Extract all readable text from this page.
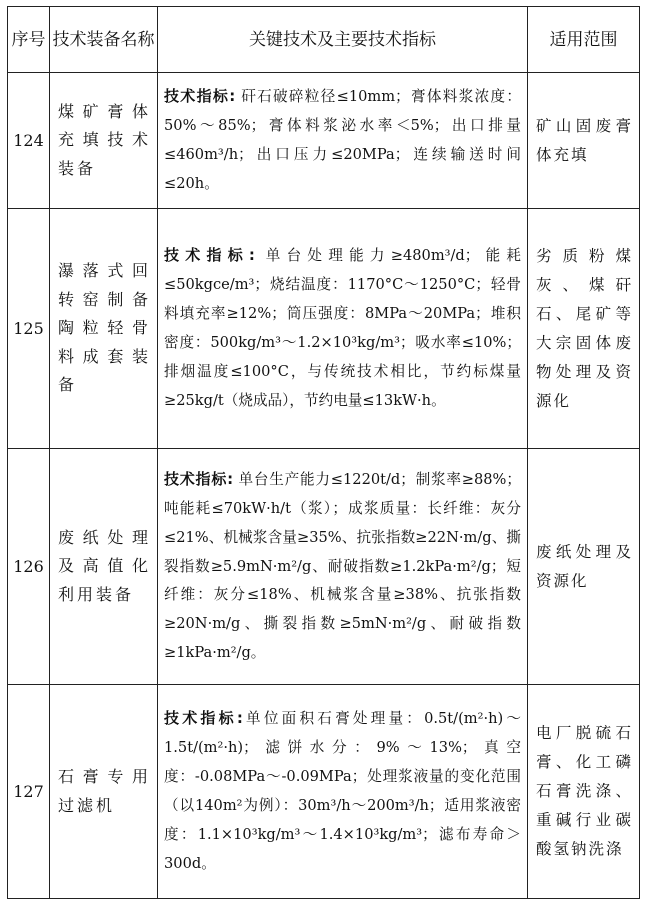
序号	技术装备名称	关键技术及主要技术指标	适用范围
124	煤矿膏体充填技术装备	技术指标: 矸石破碎粒径≤10mm；膏体料浆浓度：50%～85%；膏体料浆泌水率＜5%；出口排量≤460m³/h；出口压力≤20MPa；连续输送时间≤20h。	矿山固废膏体充填
125	瀑落式回转窑制备陶粒轻骨料成套装备	技术指标: 单台处理能力≥480m³/d；能耗≤50kgce/m³；烧结温度：1170°C～1250°C；轻骨料填充率≥12%；筒压强度：8MPa～20MPa；堆积密度：500kg/m³～1.2×10³kg/m³；吸水率≤10%；排烟温度≤100°C，与传统技术相比，节约标煤量≥25kg/t（烧成品），节约电量≤13kW·h。	劣质粉煤灰、煤矸石、尾矿等大宗固体废物处理及资源化
126	废纸处理及高值化利用装备	技术指标: 单台生产能力≤1220t/d；制浆率≥88%；吨能耗≤70kW·h/t（浆）；成浆质量：长纤维：灰分≤21%、机械浆含量≥35%、抗张指数≥22N·m/g、撕裂指数≥5.9mN·m²/g、耐破指数≥1.2kPa·m²/g；短纤维：灰分≤18%、机械浆含量≥38%、抗张指数≥20N·m/g、撕裂指数≥5mN·m²/g、耐破指数≥1kPa·m²/g。	废纸处理及资源化
127	石膏专用过滤机	技术指标:单位面积石膏处理量：0.5t/(m²·h)～1.5t/(m²·h)；滤饼水分：9%～13%；真空度：-0.08MPa～-0.09MPa；处理浆液量的变化范围（以140m²为例）：30m³/h～200m³/h；适用浆液密度：1.1×10³kg/m³～1.4×10³kg/m³；滤布寿命＞300d。	电厂脱硫石膏、化工磷石膏洗涤、重碱行业碳酸氢钠洗涤
